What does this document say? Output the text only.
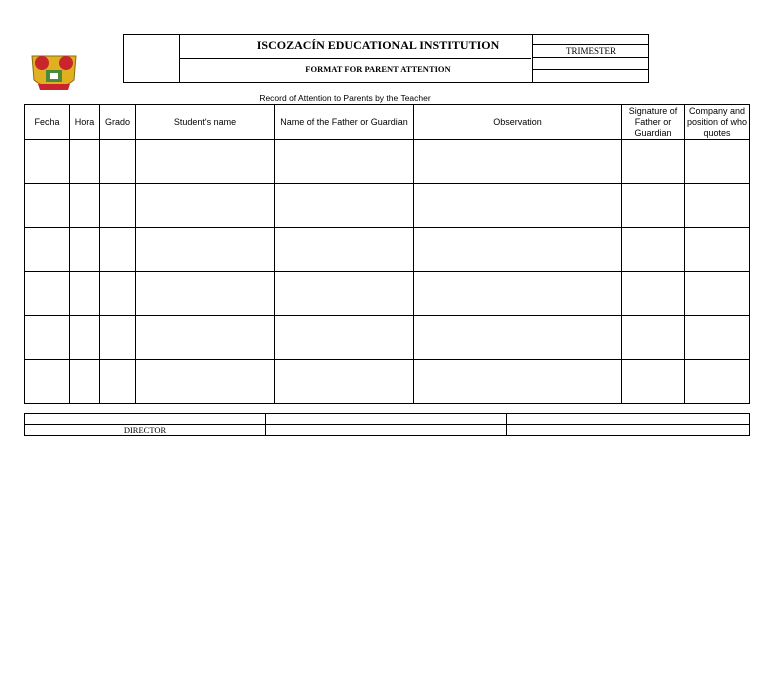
ISCOZACÍN EDUCATIONAL INSTITUTION
FORMAT FOR PARENT ATTENTION
TRIMESTER
Record of Attention to Parents by the Teacher
Fecha	Hora	Grado	Student's name	Name of the Father or Guardian	Observation	Signature of Father or Guardian	Company and position of who quotes

DIRECTOR		
